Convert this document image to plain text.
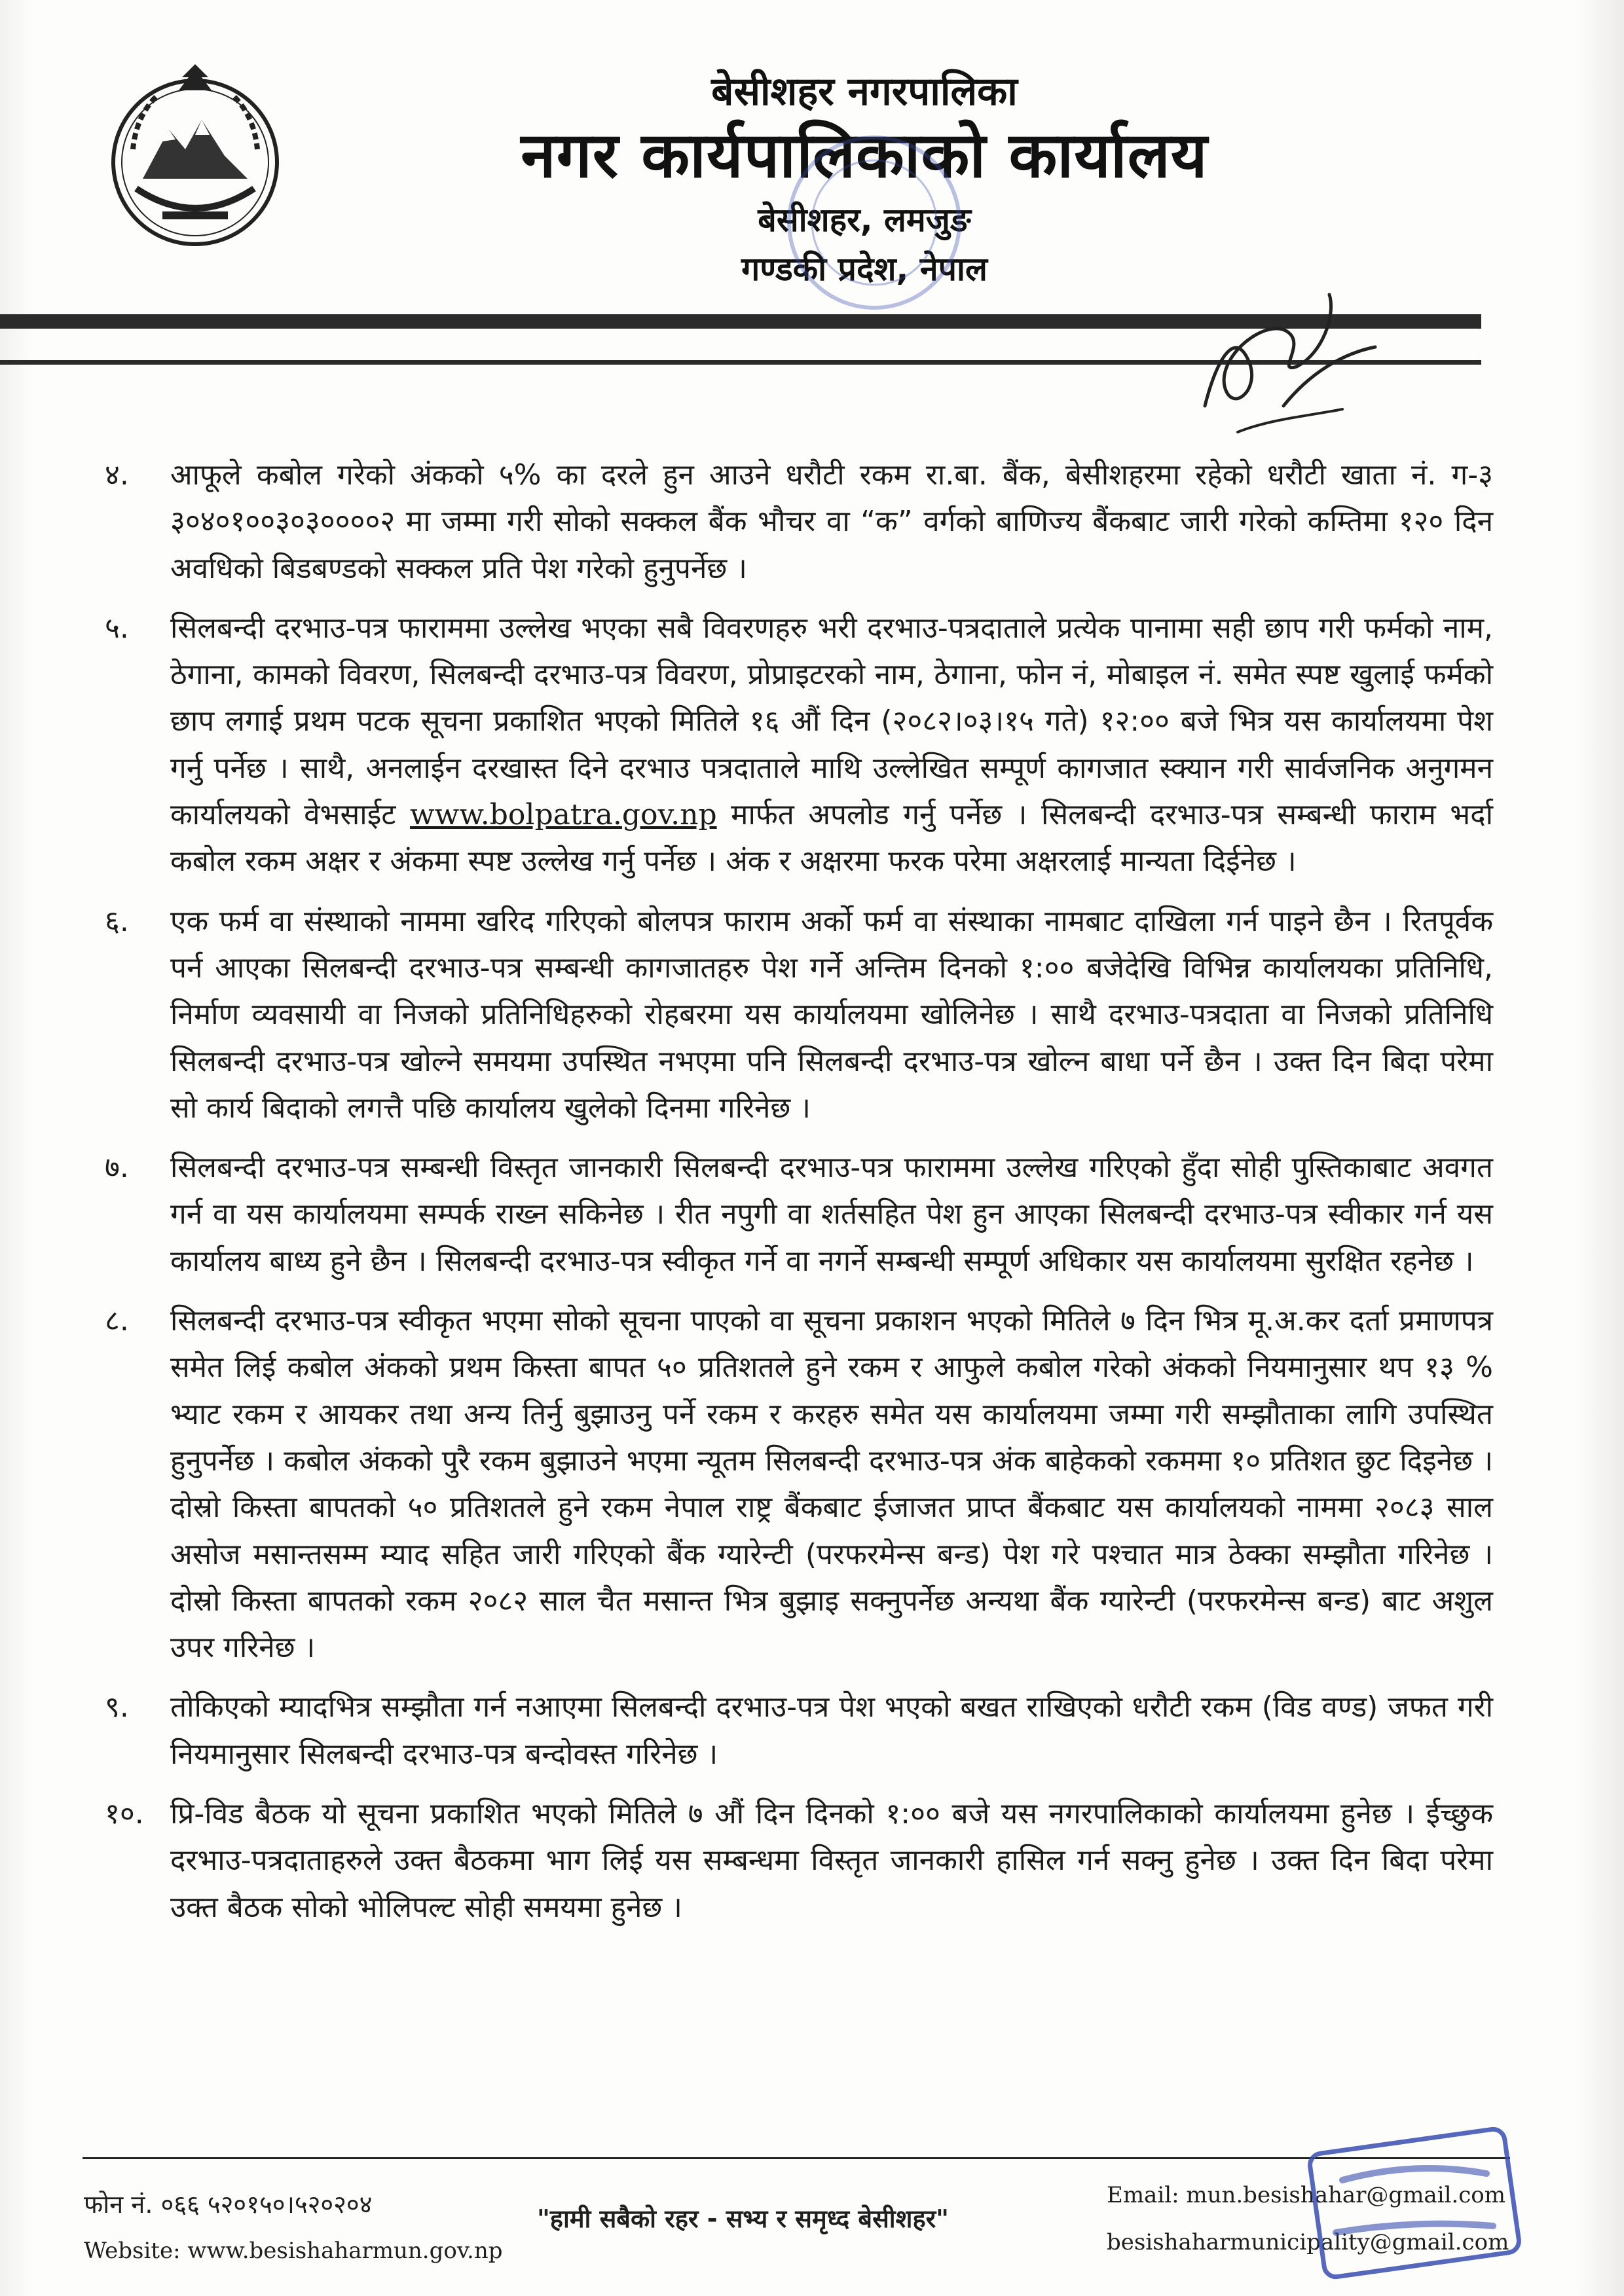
बेसीशहर नगरपालिका
नगर कार्यपालिकाको कार्यालय
बेसीशहर, लमजुङ
गण्डकी प्रदेश, नेपाल

४.	आफूले कबोल गरेको अंकको ५% का दरले हुन आउने धरौटी रकम रा.बा. बैंक, बेसीशहरमा रहेको धरौटी खाता नं. ग-३ ३०४०१००३०३००००२ मा जम्मा गरी सोको सक्कल बैंक भौचर वा “क” वर्गको बाणिज्य बैंकबाट जारी गरेको कम्तिमा १२० दिन अवधिको बिडबण्डको सक्कल प्रति पेश गरेको हुनुपर्नेछ ।

५.	सिलबन्दी दरभाउ-पत्र फाराममा उल्लेख भएका सबै विवरणहरु भरी दरभाउ-पत्रदाताले प्रत्येक पानामा सही छाप गरी फर्मको नाम, ठेगाना, कामको विवरण, सिलबन्दी दरभाउ-पत्र विवरण, प्रोप्राइटरको नाम, ठेगाना, फोन नं, मोबाइल नं. समेत स्पष्ट खुलाई फर्मको छाप लगाई प्रथम पटक सूचना प्रकाशित भएको मितिले १६ औं दिन (२०८२।०३।१५ गते) १२:०० बजे भित्र यस कार्यालयमा पेश गर्नु पर्नेछ । साथै, अनलाईन दरखास्त दिने दरभाउ पत्रदाताले माथि उल्लेखित सम्पूर्ण कागजात स्क्यान गरी सार्वजनिक अनुगमन कार्यालयको वेभसाईट www.bolpatra.gov.np मार्फत अपलोड गर्नु पर्नेछ । सिलबन्दी दरभाउ-पत्र सम्बन्धी फाराम भर्दा कबोल रकम अक्षर र अंकमा स्पष्ट उल्लेख गर्नु पर्नेछ । अंक र अक्षरमा फरक परेमा अक्षरलाई मान्यता दिईनेछ ।

६.	एक फर्म वा संस्थाको नाममा खरिद गरिएको बोलपत्र फाराम अर्को फर्म वा संस्थाका नामबाट दाखिला गर्न पाइने छैन । रितपूर्वक पर्न आएका सिलबन्दी दरभाउ-पत्र सम्बन्धी कागजातहरु पेश गर्ने अन्तिम दिनको १:०० बजेदेखि विभिन्न कार्यालयका प्रतिनिधि, निर्माण व्यवसायी वा निजको प्रतिनिधिहरुको रोहबरमा यस कार्यालयमा खोलिनेछ । साथै दरभाउ-पत्रदाता वा निजको प्रतिनिधि सिलबन्दी दरभाउ-पत्र खोल्ने समयमा उपस्थित नभएमा पनि सिलबन्दी दरभाउ-पत्र खोल्न बाधा पर्ने छैन । उक्त दिन बिदा परेमा सो कार्य बिदाको लगत्तै पछि कार्यालय खुलेको दिनमा गरिनेछ ।

७.	सिलबन्दी दरभाउ-पत्र सम्बन्धी विस्तृत जानकारी सिलबन्दी दरभाउ-पत्र फाराममा उल्लेख गरिएको हुँदा सोही पुस्तिकाबाट अवगत गर्न वा यस कार्यालयमा सम्पर्क राख्न सकिनेछ । रीत नपुगी वा शर्तसहित पेश हुन आएका सिलबन्दी दरभाउ-पत्र स्वीकार गर्न यस कार्यालय बाध्य हुने छैन । सिलबन्दी दरभाउ-पत्र स्वीकृत गर्ने वा नगर्ने सम्बन्धी सम्पूर्ण अधिकार यस कार्यालयमा सुरक्षित रहनेछ ।

८.	सिलबन्दी दरभाउ-पत्र स्वीकृत भएमा सोको सूचना पाएको वा सूचना प्रकाशन भएको मितिले ७ दिन भित्र मू.अ.कर दर्ता प्रमाणपत्र समेत लिई कबोल अंकको प्रथम किस्ता बापत ५० प्रतिशतले हुने रकम र आफुले कबोल गरेको अंकको नियमानुसार थप १३ % भ्याट रकम र आयकर तथा अन्य तिर्नु बुझाउनु पर्ने रकम र करहरु समेत यस कार्यालयमा जम्मा गरी सम्झौताका लागि उपस्थित हुनुपर्नेछ । कबोल अंकको पुरै रकम बुझाउने भएमा न्यूतम सिलबन्दी दरभाउ-पत्र अंक बाहेकको रकममा १० प्रतिशत छुट दिइनेछ । दोस्रो किस्ता बापतको ५० प्रतिशतले हुने रकम नेपाल राष्ट्र बैंकबाट ईजाजत प्राप्त बैंकबाट यस कार्यालयको नाममा २०८३ साल असोज मसान्तसम्म म्याद सहित जारी गरिएको बैंक ग्यारेन्टी (परफरमेन्स बन्ड) पेश गरे पश्चात मात्र ठेक्का सम्झौता गरिनेछ । दोस्रो किस्ता बापतको रकम २०८२ साल चैत मसान्त भित्र बुझाइ सक्नुपर्नेछ अन्यथा बैंक ग्यारेन्टी (परफरमेन्स बन्ड) बाट अशुल उपर गरिनेछ ।

९.	तोकिएको म्यादभित्र सम्झौता गर्न नआएमा सिलबन्दी दरभाउ-पत्र पेश भएको बखत राखिएको धरौटी रकम (विड वण्ड) जफत गरी नियमानुसार सिलबन्दी दरभाउ-पत्र बन्दोवस्त गरिनेछ ।

१०. प्रि-विड बैठक यो सूचना प्रकाशित भएको मितिले ७ औं दिन दिनको १:०० बजे यस नगरपालिकाको कार्यालयमा हुनेछ । ईच्छुक दरभाउ-पत्रदाताहरुले उक्त बैठकमा भाग लिई यस सम्बन्धमा विस्तृत जानकारी हासिल गर्न सक्नु हुनेछ । उक्त दिन बिदा परेमा उक्त बैठक सोको भोलिपल्ट सोही समयमा हुनेछ ।

फोन नं. ०६६ ५२०१५०।५२०२०४
Website: www.besishaharmun.gov.np
"हामी सबैको रहर - सभ्य र समृध्द बेसीशहर"
Email: mun.besishahar@gmail.com
besishaharmunicipality@gmail.com
